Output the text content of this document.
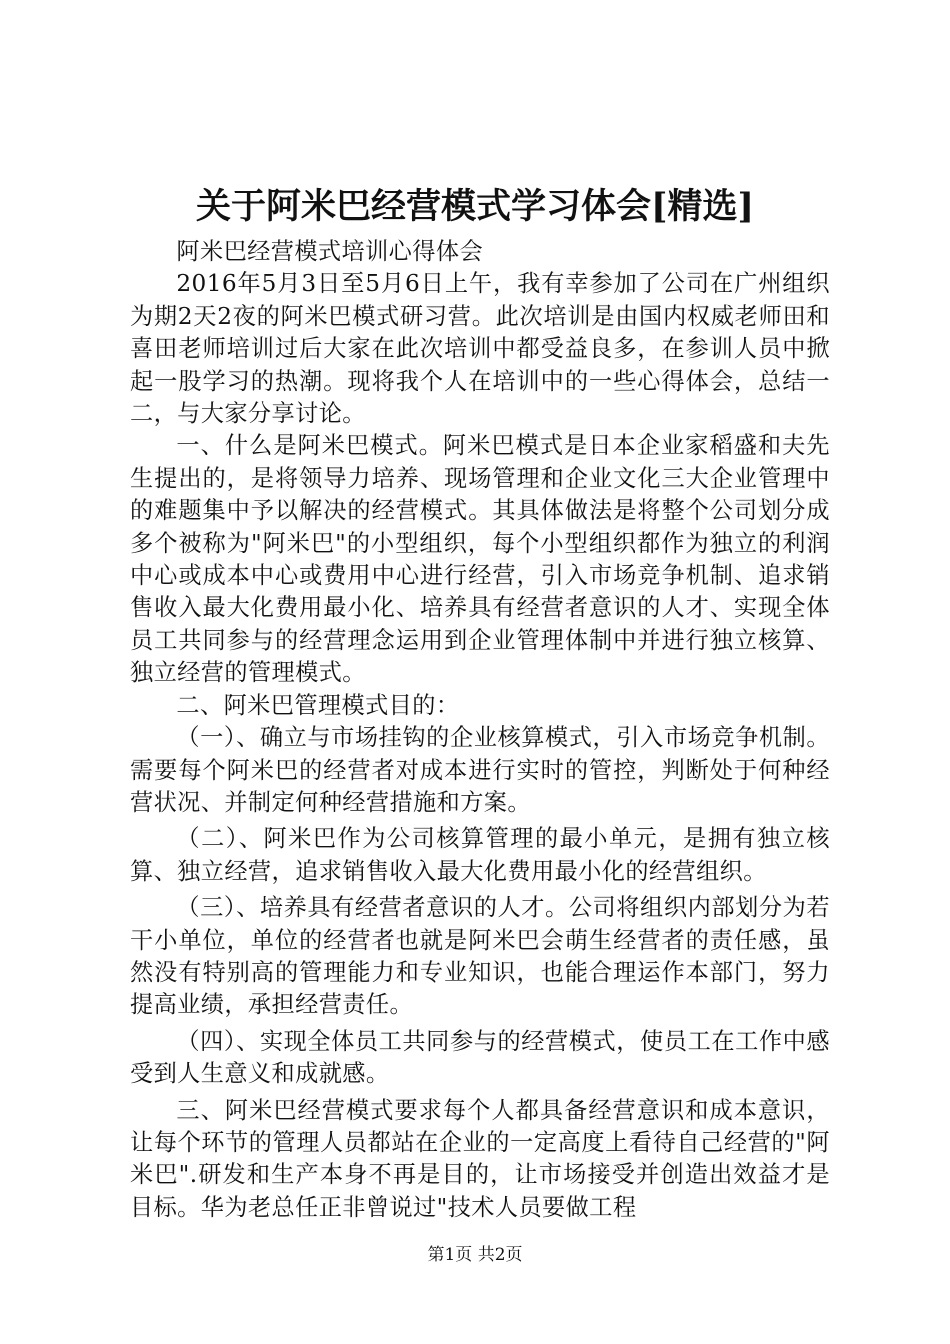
关于阿米巴经营模式学习体会[精选]

阿米巴经营模式培训心得体会

2016年5月3日至5月6日上午，我有幸参加了公司在广州组织为期2天2夜的阿米巴模式研习营。此次培训是由国内权威老师田和喜田老师培训过后大家在此次培训中都受益良多，在参训人员中掀起一股学习的热潮。现将我个人在培训中的一些心得体会，总结一二，与大家分享讨论。

一、什么是阿米巴模式。阿米巴模式是日本企业家稻盛和夫先生提出的，是将领导力培养、现场管理和企业文化三大企业管理中的难题集中予以解决的经营模式。其具体做法是将整个公司划分成多个被称为"阿米巴"的小型组织，每个小型组织都作为独立的利润中心或成本中心或费用中心进行经营，引入市场竞争机制、追求销售收入最大化费用最小化、培养具有经营者意识的人才、实现全体员工共同参与的经营理念运用到企业管理体制中并进行独立核算、独立经营的管理模式。

二、阿米巴管理模式目的：

（一）、确立与市场挂钩的企业核算模式，引入市场竞争机制。需要每个阿米巴的经营者对成本进行实时的管控，判断处于何种经营状况、并制定何种经营措施和方案。

（二）、阿米巴作为公司核算管理的最小单元，是拥有独立核算、独立经营，追求销售收入最大化费用最小化的经营组织。

（三）、培养具有经营者意识的人才。公司将组织内部划分为若干小单位，单位的经营者也就是阿米巴会萌生经营者的责任感，虽然没有特别高的管理能力和专业知识，也能合理运作本部门，努力提高业绩，承担经营责任。

（四）、实现全体员工共同参与的经营模式，使员工在工作中感受到人生意义和成就感。

三、阿米巴经营模式要求每个人都具备经营意识和成本意识，让每个环节的管理人员都站在企业的一定高度上看待自己经营的"阿米巴".研发和生产本身不再是目的，让市场接受并创造出效益才是目标。华为老总任正非曾说过"技术人员要做工程

第1页 共2页
